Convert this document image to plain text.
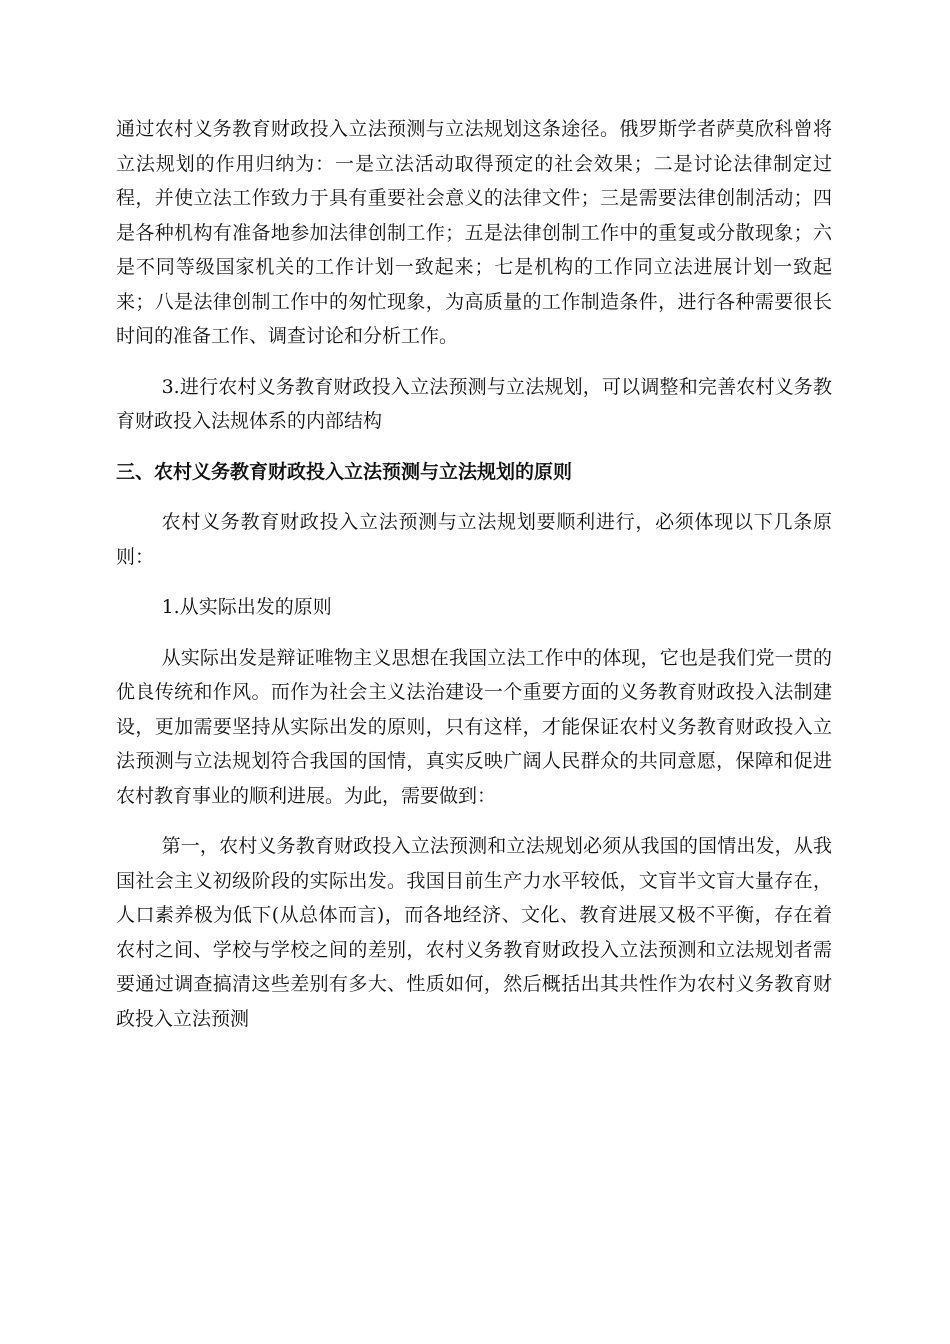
通过农村义务教育财政投入立法预测与立法规划这条途径。俄罗斯学者萨莫欣科曾将立法规划的作用归纳为：一是立法活动取得预定的社会效果；二是讨论法律制定过程，并使立法工作致力于具有重要社会意义的法律文件；三是需要法律创制活动；四是各种机构有准备地参加法律创制工作；五是法律创制工作中的重复或分散现象；六是不同等级国家机关的工作计划一致起来；七是机构的工作同立法进展计划一致起来；八是法律创制工作中的匆忙现象，为高质量的工作制造条件，进行各种需要很长时间的准备工作、调查讨论和分析工作。

3.进行农村义务教育财政投入立法预测与立法规划，可以调整和完善农村义务教育财政投入法规体系的内部结构

三、农村义务教育财政投入立法预测与立法规划的原则

农村义务教育财政投入立法预测与立法规划要顺利进行，必须体现以下几条原则：

1.从实际出发的原则

从实际出发是辩证唯物主义思想在我国立法工作中的体现，它也是我们党一贯的优良传统和作风。而作为社会主义法治建设一个重要方面的义务教育财政投入法制建设，更加需要坚持从实际出发的原则，只有这样，才能保证农村义务教育财政投入立法预测与立法规划符合我国的国情，真实反映广阔人民群众的共同意愿，保障和促进农村教育事业的顺利进展。为此，需要做到：

第一，农村义务教育财政投入立法预测和立法规划必须从我国的国情出发，从我国社会主义初级阶段的实际出发。我国目前生产力水平较低，文盲半文盲大量存在，人口素养极为低下(从总体而言)，而各地经济、文化、教育进展又极不平衡，存在着农村之间、学校与学校之间的差别，农村义务教育财政投入立法预测和立法规划者需要通过调查搞清这些差别有多大、性质如何，然后概括出其共性作为农村义务教育财政投入立法预测
